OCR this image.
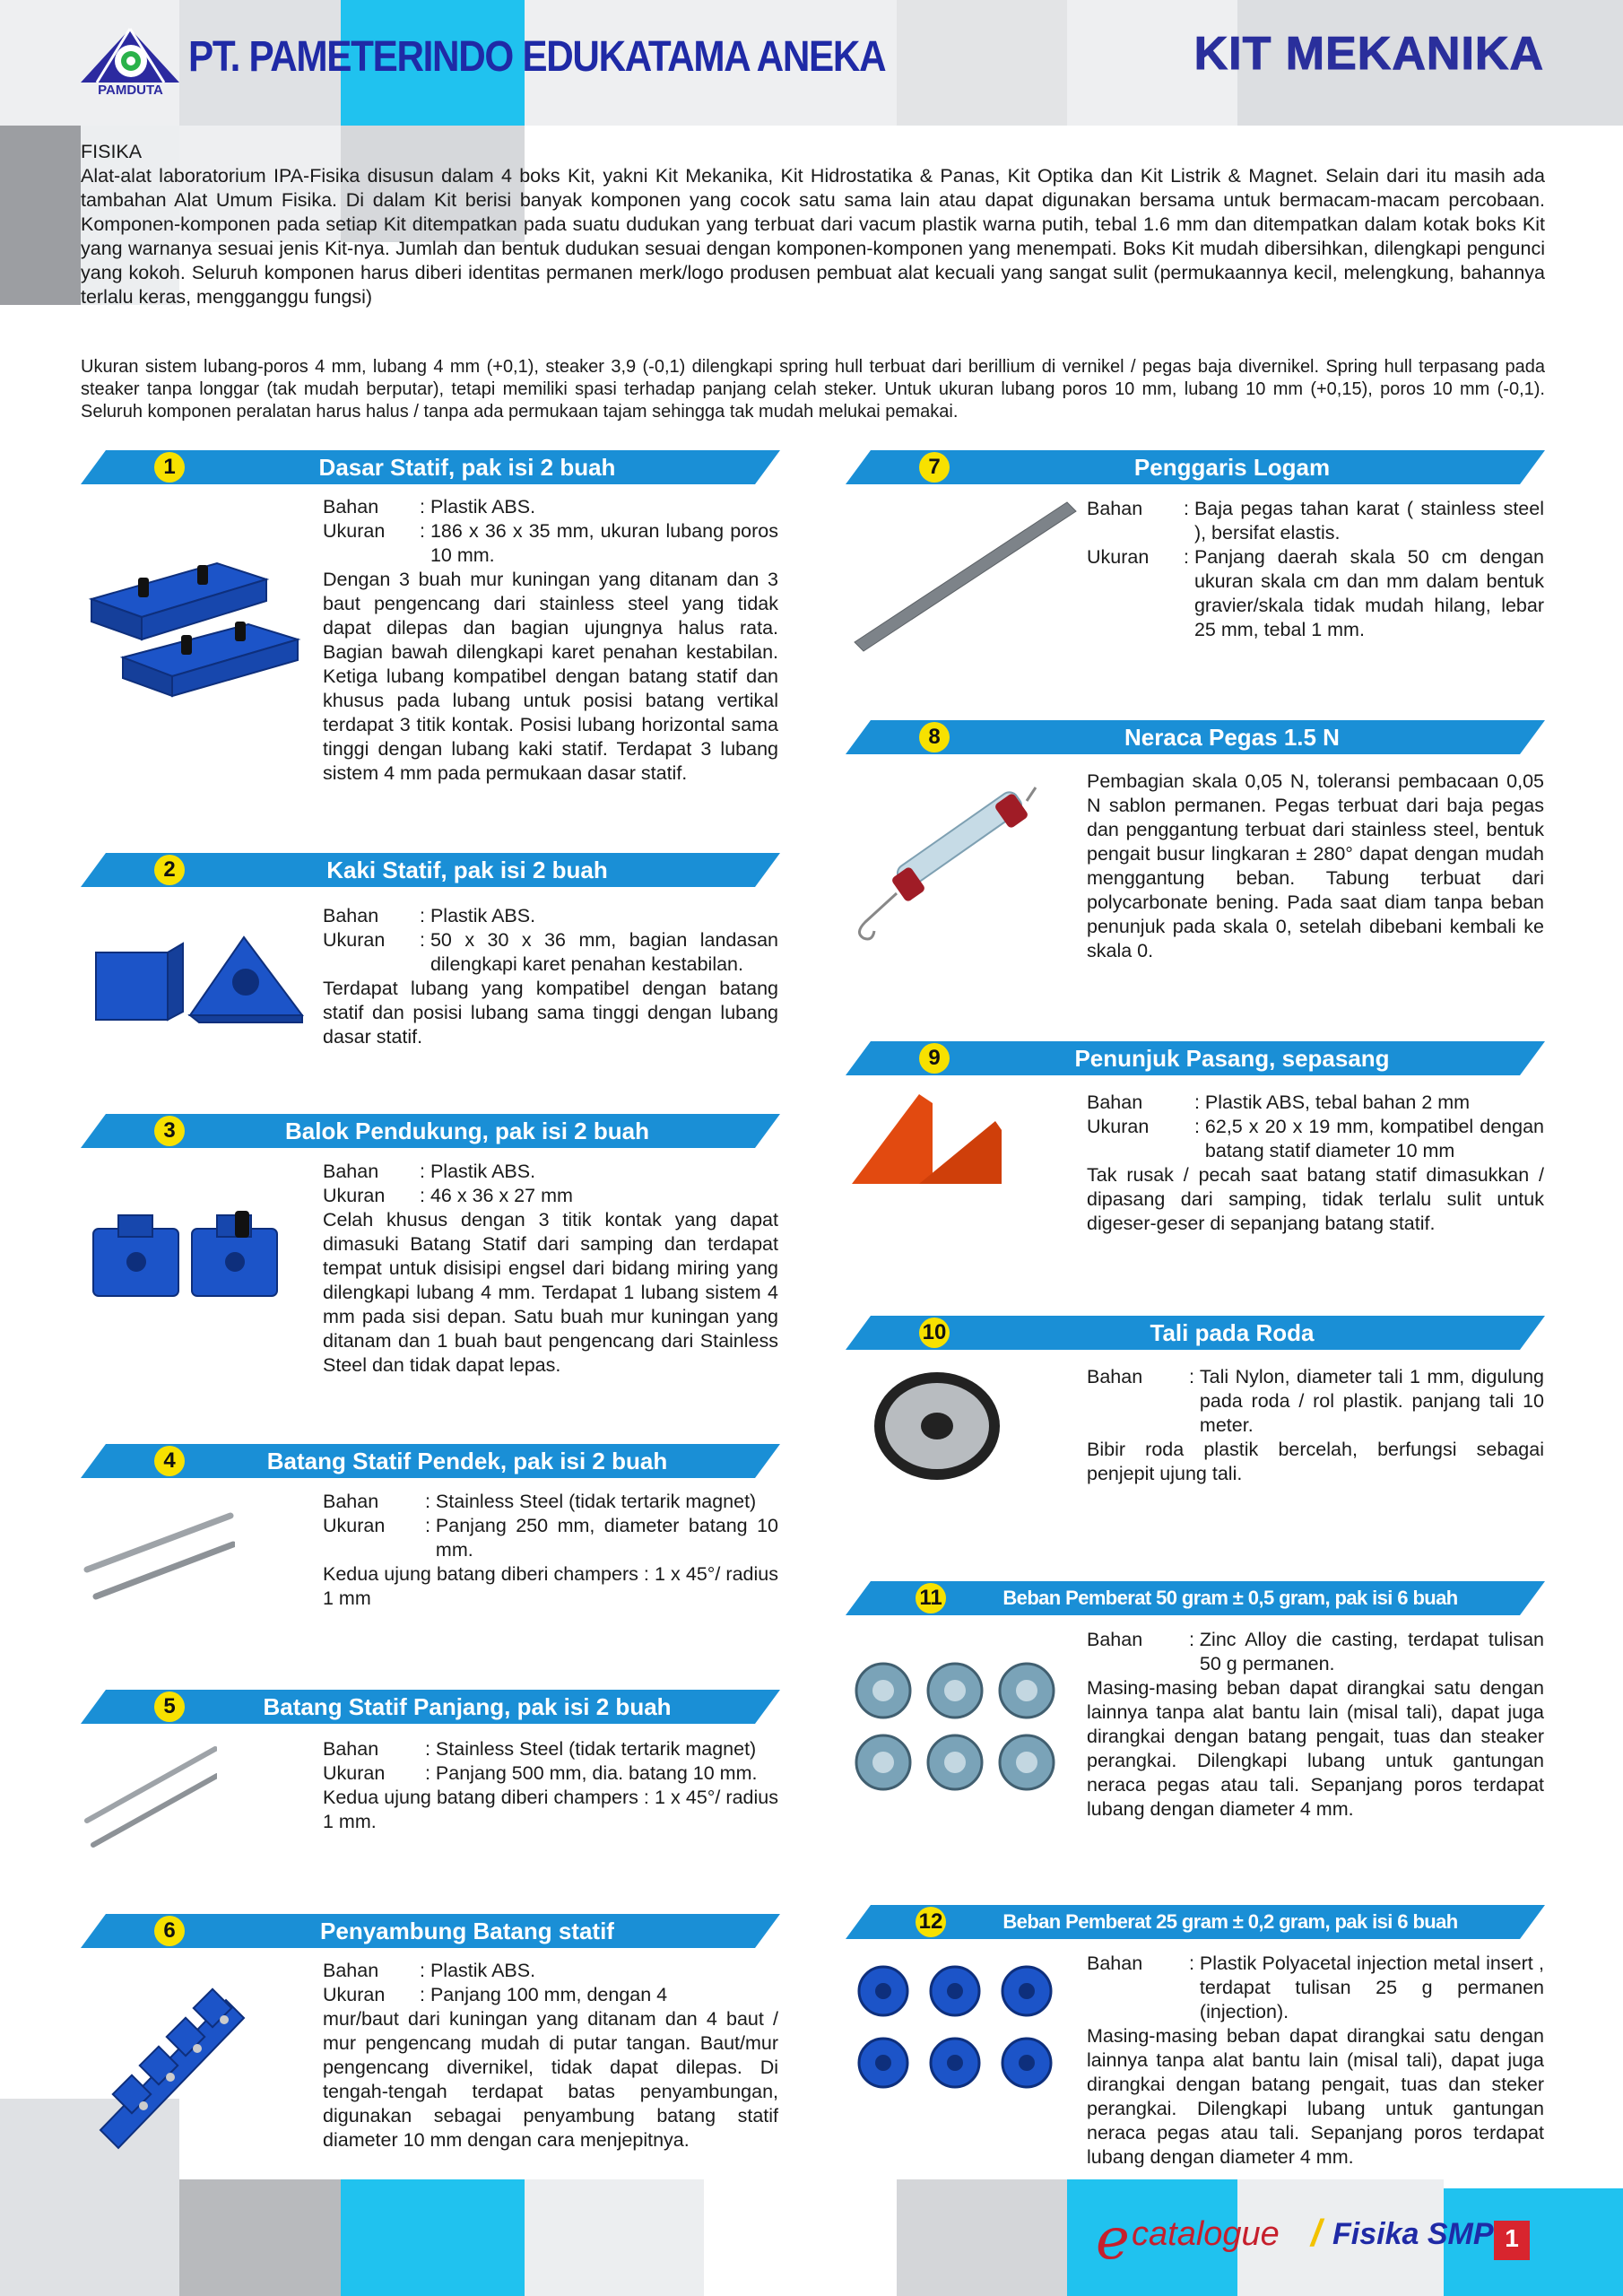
PAMDUTA
PT. PAMETERINDO EDUKATAMA ANEKA	KIT MEKANIKA

FISIKA

Alat-alat laboratorium IPA-Fisika disusun dalam 4 boks Kit, yakni Kit Mekanika, Kit Hidrostatika & Panas, Kit Optika dan Kit Listrik & Magnet. Selain dari itu masih ada tambahan Alat Umum Fisika. Di dalam Kit berisi banyak komponen yang cocok satu sama lain atau dapat digunakan bersama untuk bermacam-macam percobaan. Komponen-komponen pada setiap Kit ditempatkan pada suatu dudukan yang terbuat dari vacum plastik warna putih, tebal 1.6 mm dan ditempatkan dalam kotak boks Kit yang warnanya sesuai jenis Kit-nya. Jumlah dan bentuk dudukan sesuai dengan komponen-komponen yang menempati. Boks Kit mudah dibersihkan, dilengkapi pengunci yang kokoh. Seluruh komponen harus diberi identitas permanen merk/logo produsen pembuat alat kecuali yang sangat sulit (permukaannya kecil, melengkung, bahannya terlalu keras, mengganggu fungsi)

Ukuran sistem lubang-poros 4 mm, lubang 4 mm (+0,1), steaker 3,9 (-0,1) dilengkapi spring hull terbuat dari berillium di vernikel / pegas baja divernikel. Spring hull terpasang pada steaker tanpa longgar (tak mudah berputar), tetapi memiliki spasi terhadap panjang celah steker. Untuk ukuran lubang poros 10 mm, lubang 10 mm (+0,15), poros 10 mm (-0,1). Seluruh komponen peralatan harus halus / tanpa ada permukaan tajam sehingga tak mudah melukai pemakai.
1	Dasar Statif, pak isi 2 buah
Bahan	: Plastik ABS.
Ukuran	: 186 x 36 x 35 mm, ukuran lubang poros 10 mm.

Dengan 3 buah mur kuningan yang ditanam dan 3 baut pengencang dari stainless steel yang tidak dapat dilepas dan bagian ujungnya halus rata. Bagian bawah dilengkapi karet penahan kestabilan. Ketiga lubang kompatibel dengan batang statif dan khusus pada lubang untuk posisi batang vertikal terdapat 3 titik kontak. Posisi lubang horizontal sama tinggi dengan lubang kaki statif. Terdapat 3 lubang sistem 4 mm pada permukaan dasar statif.

2	Kaki Statif, pak isi 2 buah
Bahan	: Plastik ABS.
Ukuran	: 50 x 30 x 36 mm, bagian landasan dilengkapi karet penahan kestabilan.

Terdapat lubang yang kompatibel dengan batang statif dan posisi lubang sama tinggi dengan lubang dasar statif.

3	Balok Pendukung, pak isi 2 buah
Bahan	: Plastik ABS.
Ukuran	: 46 x 36 x 27 mm

Celah khusus dengan 3 titik kontak yang dapat dimasuki Batang Statif dari samping dan terdapat tempat untuk disisipi engsel dari bidang miring yang dilengkapi lubang 4 mm. Terdapat 1 lubang sistem 4 mm pada sisi depan. Satu buah mur kuningan yang ditanam dan 1 buah baut pengencang dari Stainless Steel dan tidak dapat lepas.

4	Batang Statif Pendek, pak isi 2 buah
Bahan	: Stainless Steel (tidak tertarik magnet)
Ukuran	: Panjang 250 mm, diameter batang 10 mm.

Kedua ujung batang diberi champers : 1 x 45°/ radius 1 mm

5	Batang Statif Panjang, pak isi 2 buah
Bahan	: Stainless Steel (tidak tertarik magnet)
Ukuran	: Panjang 500 mm, dia. batang 10 mm.

Kedua ujung batang diberi champers : 1 x 45°/ radius 1 mm.

6	Penyambung Batang statif
Bahan	: Plastik ABS.
Ukuran	: Panjang 100 mm, dengan 4

mur/baut dari kuningan yang ditanam dan 4 baut / mur pengencang mudah di putar tangan. Baut/mur pengencang divernikel, tidak dapat dilepas. Di tengah-tengah terdapat batas penyambungan, digunakan sebagai penyambung batang statif diameter 10 mm dengan cara menjepitnya.

7	Penggaris Logam
Bahan	: Baja pegas tahan karat ( stainless steel ), bersifat elastis.
Ukuran	: Panjang daerah skala 50 cm dengan ukuran skala cm dan mm dalam bentuk gravier/skala tidak mudah hilang, lebar 25 mm, tebal 1 mm.
8	Neraca Pegas 1.5 N

Pembagian skala 0,05 N, toleransi pembacaan 0,05 N sablon permanen. Pegas terbuat dari baja pegas dan penggantung terbuat dari stainless steel, bentuk pengait busur lingkaran ± 280° dapat dengan mudah menggantung beban. Tabung terbuat dari polycarbonate bening. Pada saat diam tanpa beban penunjuk pada skala 0, setelah dibebani kembali ke skala 0.

9	Penunjuk Pasang, sepasang
Bahan	: Plastik ABS, tebal bahan 2 mm
Ukuran	: 62,5 x 20 x 19 mm, kompatibel dengan batang statif diameter 10 mm

Tak rusak / pecah saat batang statif dimasukkan / dipasang dari samping, tidak terlalu sulit untuk digeser-geser di sepanjang batang statif.

10	Tali pada Roda
Bahan	: Tali Nylon, diameter tali 1 mm, digulung pada roda / rol plastik. panjang tali 10 meter.

Bibir roda plastik bercelah, berfungsi sebagai penjepit ujung tali.

11	Beban Pemberat 50 gram ± 0,5 gram, pak isi 6 buah
Bahan	: Zinc Alloy die casting, terdapat tulisan 50 g permanen.

Masing-masing beban dapat dirangkai satu dengan lainnya tanpa alat bantu lain (misal tali), dapat juga dirangkai dengan batang pengait, tuas dan steaker perangkai. Dilengkapi lubang untuk gantungan neraca pegas atau tali. Sepanjang poros terdapat lubang dengan diameter 4 mm.

12	Beban Pemberat 25 gram ± 0,2 gram, pak isi 6 buah
Bahan	: Plastik Polyacetal injection metal insert , terdapat tulisan 25 g permanen (injection).

Masing-masing beban dapat dirangkai satu dengan lainnya tanpa alat bantu lain (misal tali), dapat juga dirangkai dengan batang pengait, tuas dan steker perangkai. Dilengkapi lubang untuk gantungan neraca pegas atau tali. Sepanjang poros terdapat lubang dengan diameter 4 mm.

e catalogue / Fisika SMP 1
